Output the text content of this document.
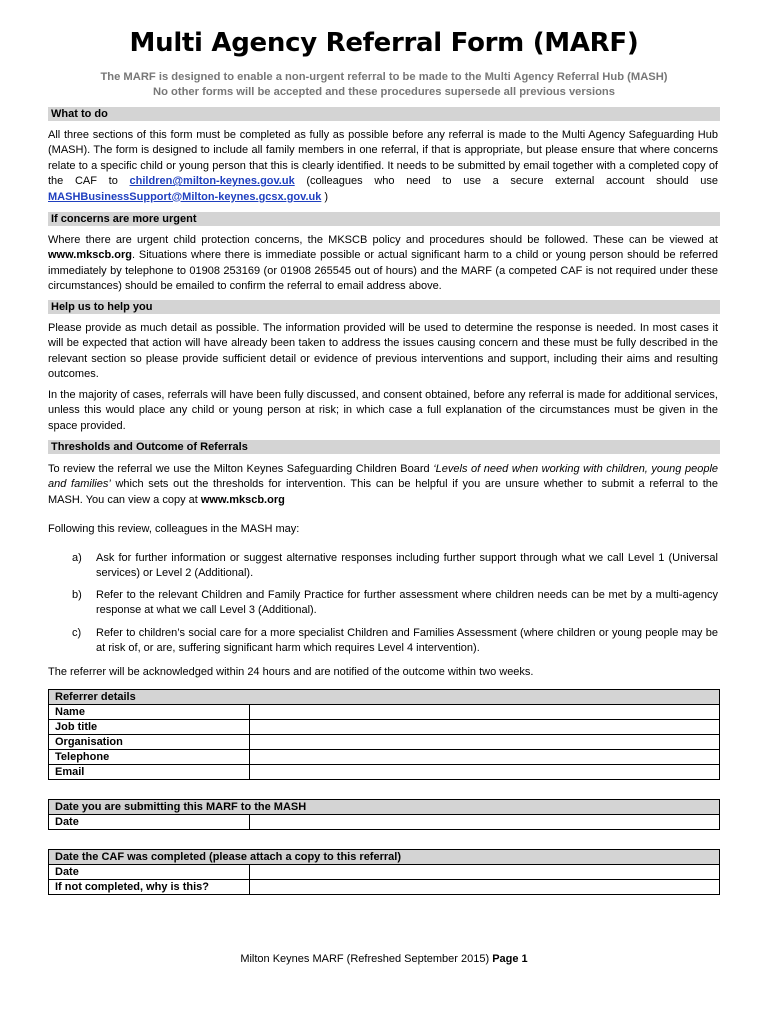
Multi Agency Referral Form (MARF)
The MARF is designed to enable a non-urgent referral to be made to the Multi Agency Referral Hub (MASH)
No other forms will be accepted and these procedures supersede all previous versions
What to do
All three sections of this form must be completed as fully as possible before any referral is made to the Multi Agency Safeguarding Hub (MASH). The form is designed to include all family members in one referral, if that is appropriate, but please ensure that where concerns relate to a specific child or young person that this is clearly identified. It needs to be submitted by email together with a completed copy of the CAF to children@milton-keynes.gov.uk (colleagues who need to use a secure external account should use MASHBusinessSupport@Milton-keynes.gcsx.gov.uk )
If concerns are more urgent
Where there are urgent child protection concerns, the MKSCB policy and procedures should be followed. These can be viewed at www.mkscb.org. Situations where there is immediate possible or actual significant harm to a child or young person should be referred immediately by telephone to 01908 253169 (or 01908 265545 out of hours) and the MARF (a competed CAF is not required under these circumstances) should be emailed to confirm the referral to email address above.
Help us to help you
Please provide as much detail as possible. The information provided will be used to determine the response is needed. In most cases it will be expected that action will have already been taken to address the issues causing concern and these must be fully described in the relevant section so please provide sufficient detail or evidence of previous interventions and support, including their aims and resulting outcomes.
In the majority of cases, referrals will have been fully discussed, and consent obtained, before any referral is made for additional services, unless this would place any child or young person at risk; in which case a full explanation of the circumstances must be given in the space provided.
Thresholds and Outcome of Referrals
To review the referral we use the Milton Keynes Safeguarding Children Board ‘Levels of need when working with children, young people and families’ which sets out the thresholds for intervention. This can be helpful if you are unsure whether to submit a referral to the MASH. You can view a copy at www.mkscb.org
Following this review, colleagues in the MASH may:
a) Ask for further information or suggest alternative responses including further support through what we call Level 1 (Universal services) or Level 2 (Additional).
b) Refer to the relevant Children and Family Practice for further assessment where children needs can be met by a multi-agency response at what we call Level 3 (Additional).
c) Refer to children’s social care for a more specialist Children and Families Assessment (where children or young people may be at risk of, or are, suffering significant harm which requires Level 4 intervention).
The referrer will be acknowledged within 24 hours and are notified of the outcome within two weeks.
Referrer details	
Name	
Job title	
Organisation	
Telephone	
Email	
Date you are submitting this MARF to the MASH
Date	
Date the CAF was completed (please attach a copy to this referral)	
Date	
If not completed, why is this?	
Milton Keynes MARF (Refreshed September 2015) Page 1
